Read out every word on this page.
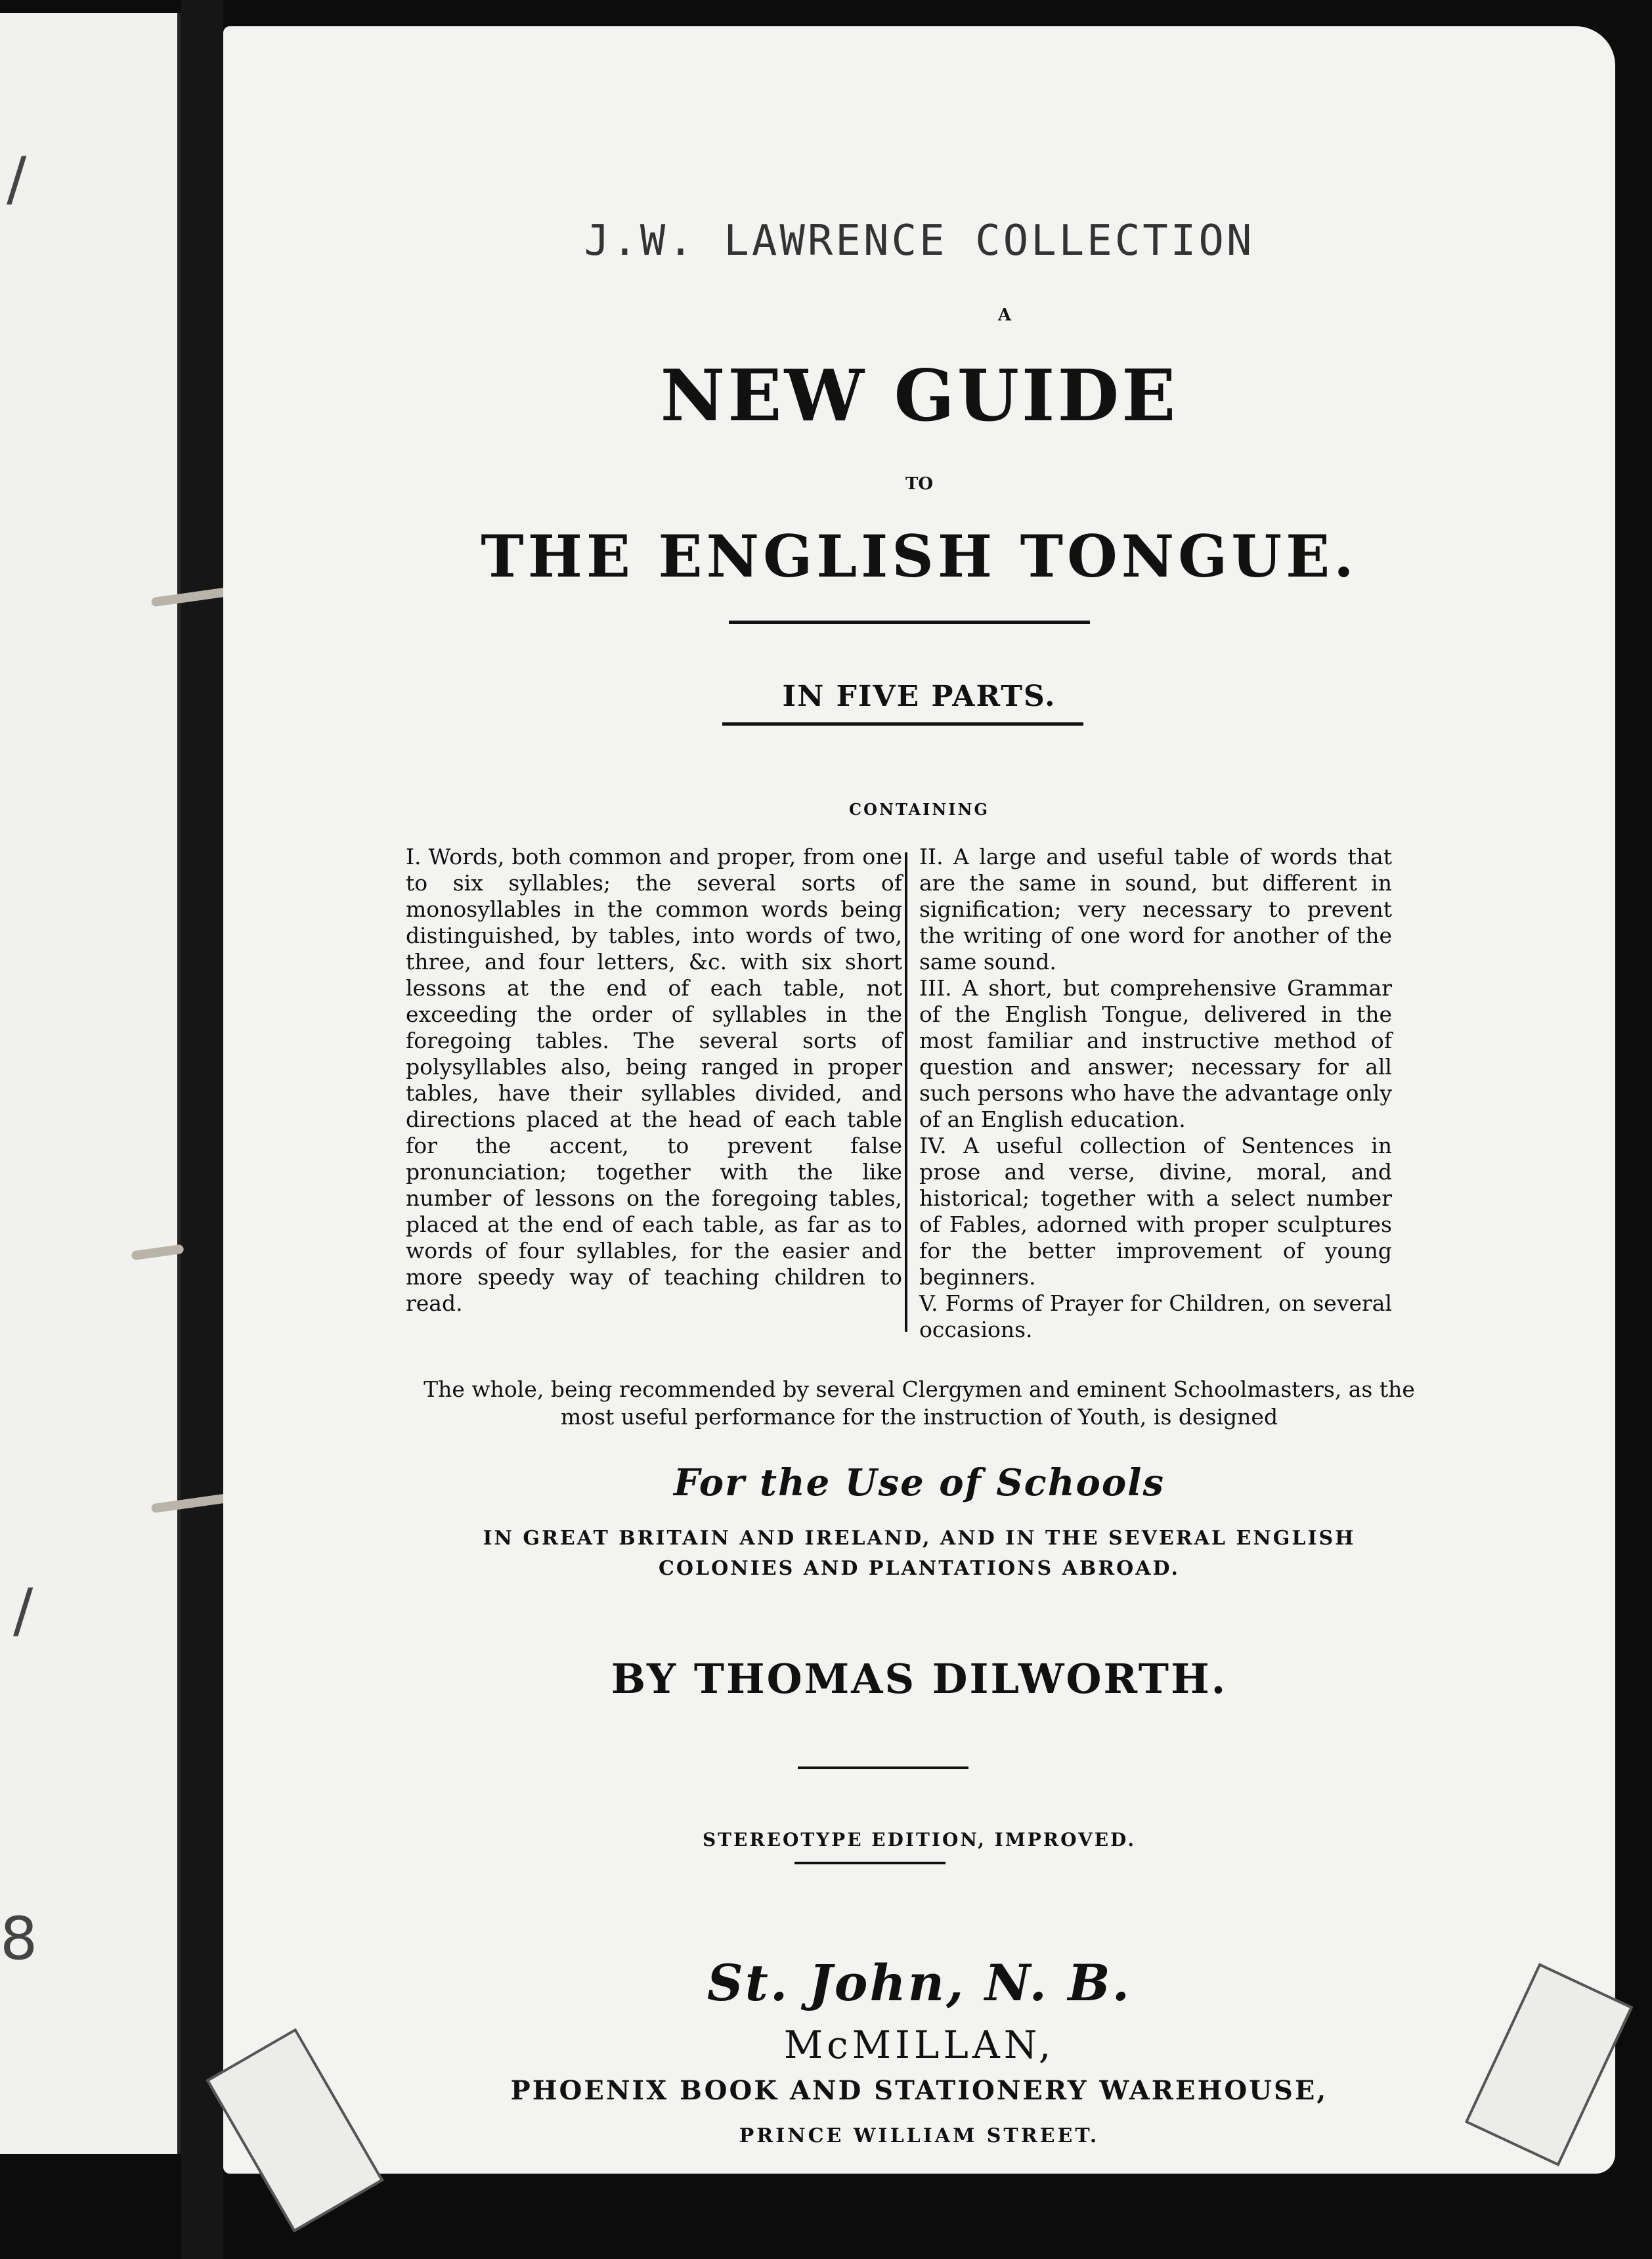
/
/
8
J.W. LAWRENCE COLLECTION
A
NEW GUIDE
TO
THE ENGLISH TONGUE.
IN FIVE PARTS.
CONTAINING
I. Words, both common and proper, from one to six syllables; the several sorts of monosyllables in the common words being distinguished, by tables, into words of two, three, and four letters, &c. with six short lessons at the end of each table, not exceeding the order of syllables in the foregoing tables. The several sorts of polysyllables also, being ranged in proper tables, have their syllables divided, and directions placed at the head of each table for the accent, to prevent false pronunciation; together with the like number of lessons on the foregoing tables, placed at the end of each table, as far as to words of four syllables, for the easier and more speedy way of teaching children to read.
II. A large and useful table of words that are the same in sound, but different in signification; very necessary to prevent the writing of one word for another of the same sound.
III. A short, but comprehensive Grammar of the English Tongue, delivered in the most familiar and instructive method of question and answer; necessary for all such persons who have the advantage only of an English education.
IV. A useful collection of Sentences in prose and verse, divine, moral, and historical; together with a select number of Fables, adorned with proper sculptures for the better improvement of young beginners.
V. Forms of Prayer for Children, on several occasions.
The whole, being recommended by several Clergymen and eminent Schoolmasters, as the most useful performance for the instruction of Youth, is designed
For the Use of Schools
IN GREAT BRITAIN AND IRELAND, AND IN THE SEVERAL ENGLISH
COLONIES AND PLANTATIONS ABROAD.
BY THOMAS DILWORTH.
STEREOTYPE EDITION, IMPROVED.
St. John, N. B.
McMILLAN,
PHOENIX BOOK AND STATIONERY WAREHOUSE,
PRINCE WILLIAM STREET.
